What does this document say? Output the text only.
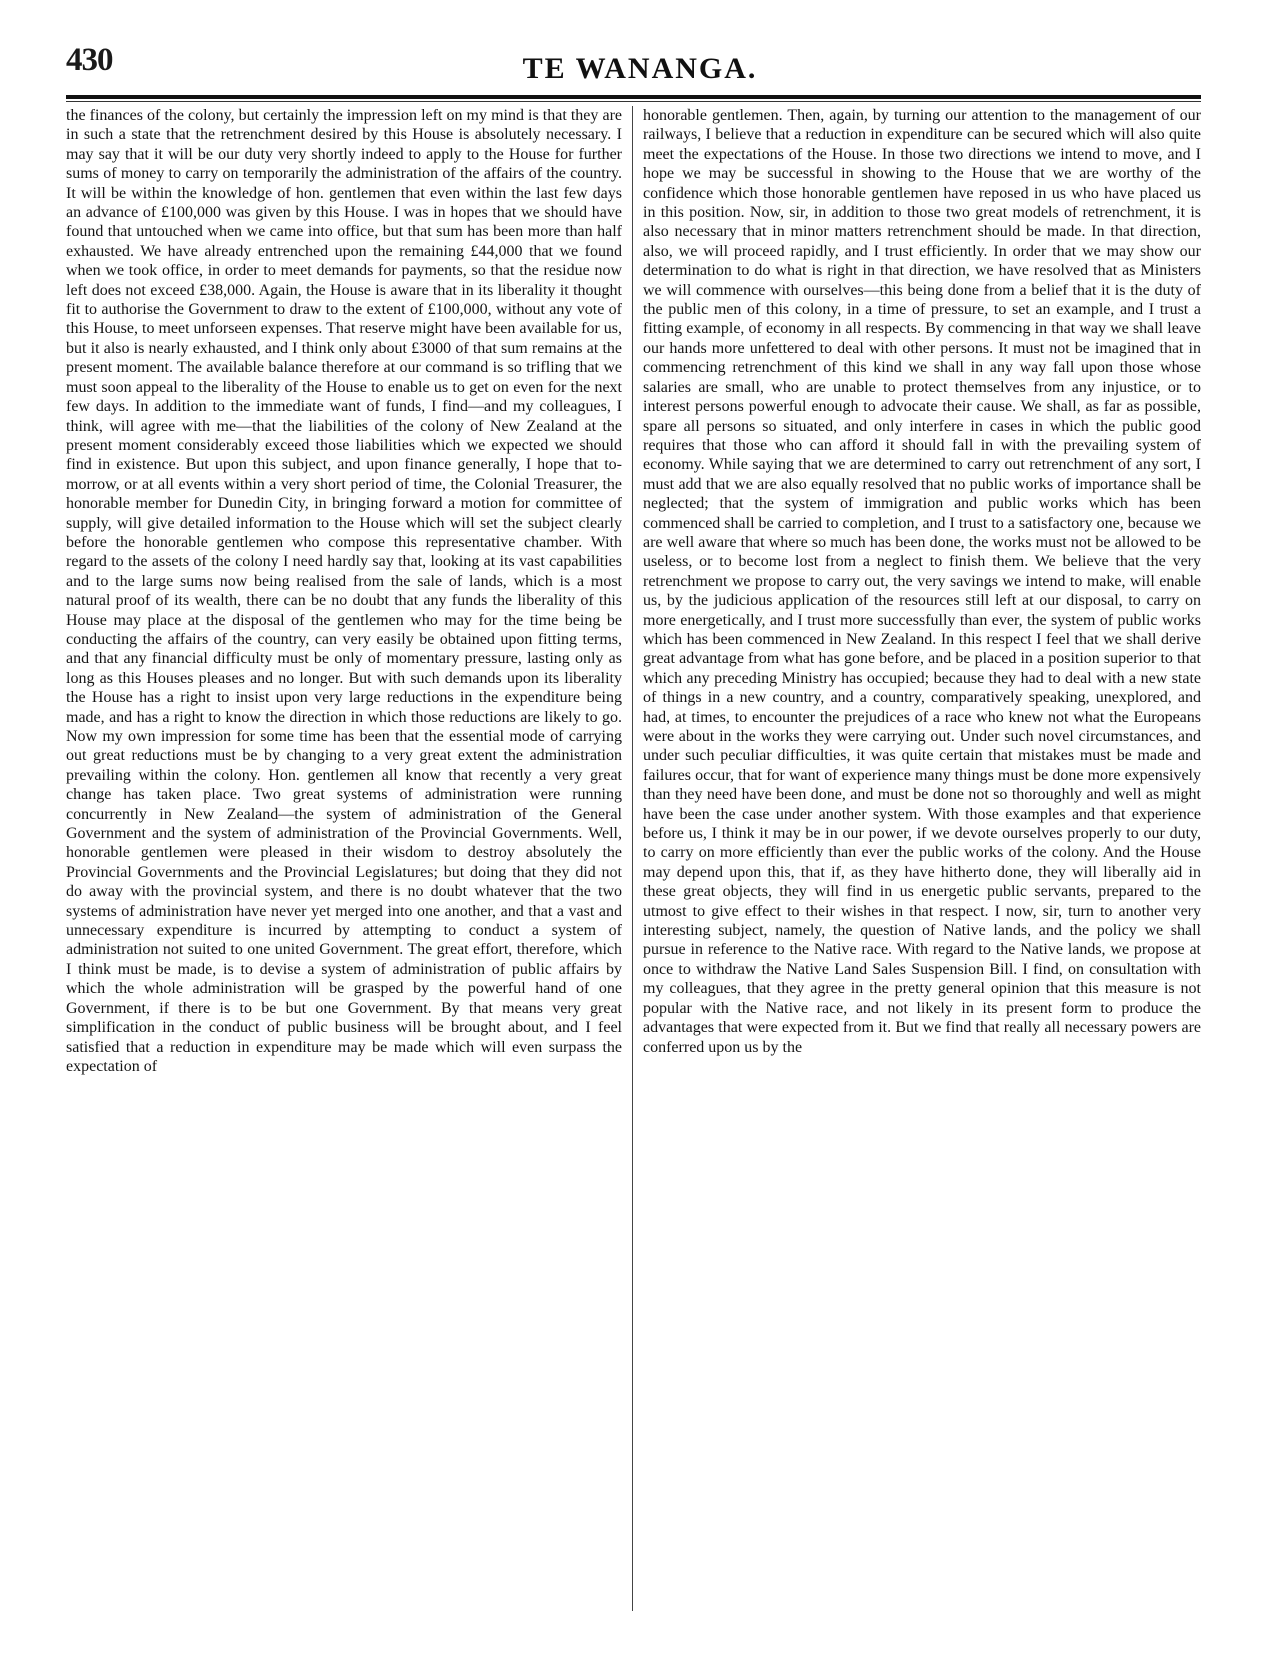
430	TE WANANGA.

the finances of the colony, but certainly the impression left on my mind is that they are in such a state that the retrenchment desired by this House is absolutely necessary. I may say that it will be our duty very shortly indeed to apply to the House for further sums of money to carry on temporarily the administration of the affairs of the country. It will be within the knowledge of hon. gentlemen that even within the last few days an advance of £100,000 was given by this House. I was in hopes that we should have found that untouched when we came into office, but that sum has been more than half exhausted. We have already entrenched upon the remaining £44,000 that we found when we took office, in order to meet demands for payments, so that the residue now left does not exceed £38,000. Again, the House is aware that in its liberality it thought fit to authorise the Government to draw to the extent of £100,000, without any vote of this House, to meet unforseen expenses. That reserve might have been available for us, but it also is nearly exhausted, and I think only about £3000 of that sum remains at the present moment. The available balance therefore at our command is so trifling that we must soon appeal to the liberality of the House to enable us to get on even for the next few days. In addition to the immediate want of funds, I find—and my colleagues, I think, will agree with me—that the liabilities of the colony of New Zealand at the present moment considerably exceed those liabilities which we expected we should find in existence. But upon this subject, and upon finance generally, I hope that to-morrow, or at all events within a very short period of time, the Colonial Treasurer, the honorable member for Dunedin City, in bringing forward a motion for committee of supply, will give detailed information to the House which will set the subject clearly before the honorable gentlemen who compose this representative chamber. With regard to the assets of the colony I need hardly say that, looking at its vast capabilities and to the large sums now being realised from the sale of lands, which is a most natural proof of its wealth, there can be no doubt that any funds the liberality of this House may place at the disposal of the gentlemen who may for the time being be conducting the affairs of the country, can very easily be obtained upon fitting terms, and that any financial difficulty must be only of momentary pressure, lasting only as long as this Houses pleases and no longer. But with such demands upon its liberality the House has a right to insist upon very large reductions in the expenditure being made, and has a right to know the direction in which those reductions are likely to go. Now my own impression for some time has been that the essential mode of carrying out great reductions must be by changing to a very great extent the administration prevailing within the colony. Hon. gentlemen all know that recently a very great change has taken place. Two great systems of administration were running concurrently in New Zealand—the system of administration of the General Government and the system of administration of the Provincial Governments. Well, honorable gentlemen were pleased in their wisdom to destroy absolutely the Provincial Governments and the Provincial Legislatures; but doing that they did not do away with the provincial system, and there is no doubt whatever that the two systems of administration have never yet merged into one another, and that a vast and unnecessary expenditure is incurred by attempting to conduct a system of administration not suited to one united Government. The great effort, therefore, which I think must be made, is to devise a system of administration of public affairs by which the whole administration will be grasped by the powerful hand of one Government, if there is to be but one Government. By that means very great simplification in the conduct of public business will be brought about, and I feel satisfied that a reduction in expenditure may be made which will even surpass the expectation of

honorable gentlemen. Then, again, by turning our attention to the management of our railways, I believe that a reduction in expenditure can be secured which will also quite meet the expectations of the House. In those two directions we intend to move, and I hope we may be successful in showing to the House that we are worthy of the confidence which those honorable gentlemen have reposed in us who have placed us in this position. Now, sir, in addition to those two great models of retrenchment, it is also necessary that in minor matters retrenchment should be made. In that direction, also, we will proceed rapidly, and I trust efficiently. In order that we may show our determination to do what is right in that direction, we have resolved that as Ministers we will commence with ourselves—this being done from a belief that it is the duty of the public men of this colony, in a time of pressure, to set an example, and I trust a fitting example, of economy in all respects. By commencing in that way we shall leave our hands more unfettered to deal with other persons. It must not be imagined that in commencing retrenchment of this kind we shall in any way fall upon those whose salaries are small, who are unable to protect themselves from any injustice, or to interest persons powerful enough to advocate their cause. We shall, as far as possible, spare all persons so situated, and only interfere in cases in which the public good requires that those who can afford it should fall in with the prevailing system of economy. While saying that we are determined to carry out retrenchment of any sort, I must add that we are also equally resolved that no public works of importance shall be neglected; that the system of immigration and public works which has been commenced shall be carried to completion, and I trust to a satisfactory one, because we are well aware that where so much has been done, the works must not be allowed to be useless, or to become lost from a neglect to finish them. We believe that the very retrenchment we propose to carry out, the very savings we intend to make, will enable us, by the judicious application of the resources still left at our disposal, to carry on more energetically, and I trust more successfully than ever, the system of public works which has been commenced in New Zealand. In this respect I feel that we shall derive great advantage from what has gone before, and be placed in a position superior to that which any preceding Ministry has occupied; because they had to deal with a new state of things in a new country, and a country, comparatively speaking, unexplored, and had, at times, to encounter the prejudices of a race who knew not what the Europeans were about in the works they were carrying out. Under such novel circumstances, and under such peculiar difficulties, it was quite certain that mistakes must be made and failures occur, that for want of experience many things must be done more expensively than they need have been done, and must be done not so thoroughly and well as might have been the case under another system. With those examples and that experience before us, I think it may be in our power, if we devote ourselves properly to our duty, to carry on more efficiently than ever the public works of the colony. And the House may depend upon this, that if, as they have hitherto done, they will liberally aid in these great objects, they will find in us energetic public servants, prepared to the utmost to give effect to their wishes in that respect. I now, sir, turn to another very interesting subject, namely, the question of Native lands, and the policy we shall pursue in reference to the Native race. With regard to the Native lands, we propose at once to withdraw the Native Land Sales Suspension Bill. I find, on consultation with my colleagues, that they agree in the pretty general opinion that this measure is not popular with the Native race, and not likely in its present form to produce the advantages that were expected from it. But we find that really all necessary powers are conferred upon us by the
